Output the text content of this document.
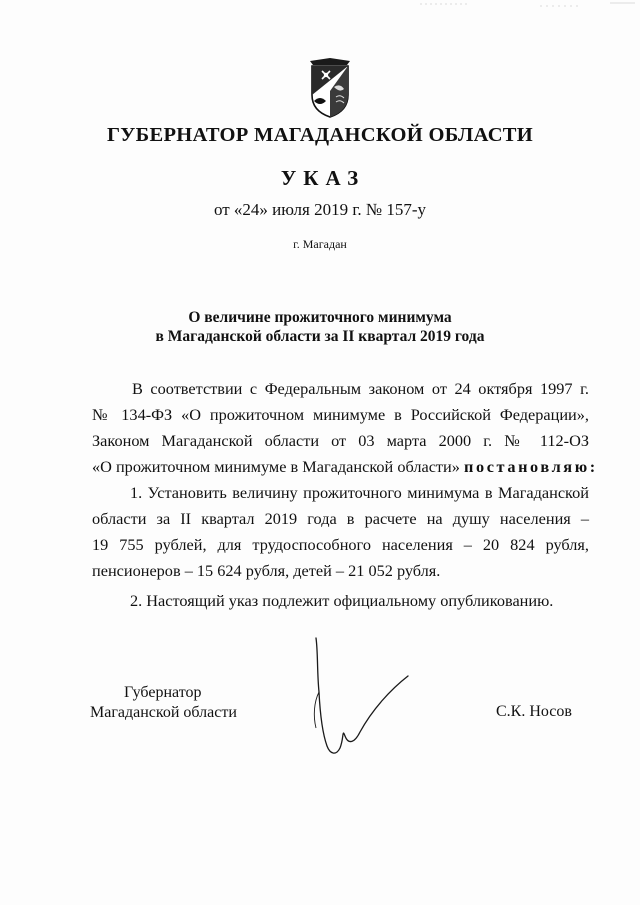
ГУБЕРНАТОР МАГАДАНСКОЙ ОБЛАСТИ
УКАЗ
от «24» июля 2019 г. № 157-у
г. Магадан
О величине прожиточного минимума
в Магаданской области за II квартал 2019 года
В соответствии с Федеральным законом от 24 октября 1997 г.
№ 134-ФЗ «О прожиточном минимуме в Российской Федерации»,
Законом Магаданской области от 03 марта 2000 г. № 112-ОЗ
«О прожиточном минимуме в Магаданской области» постановляю:
1. Установить величину прожиточного минимума в Магаданской
области за II квартал 2019 года в расчете на душу населения –
19 755 рублей, для трудоспособного населения – 20 824 рубля,
пенсионеров – 15 624 рубля, детей – 21 052 рубля.
2. Настоящий указ подлежит официальному опубликованию.
Губернатор
Магаданской области	С.К. Носов
